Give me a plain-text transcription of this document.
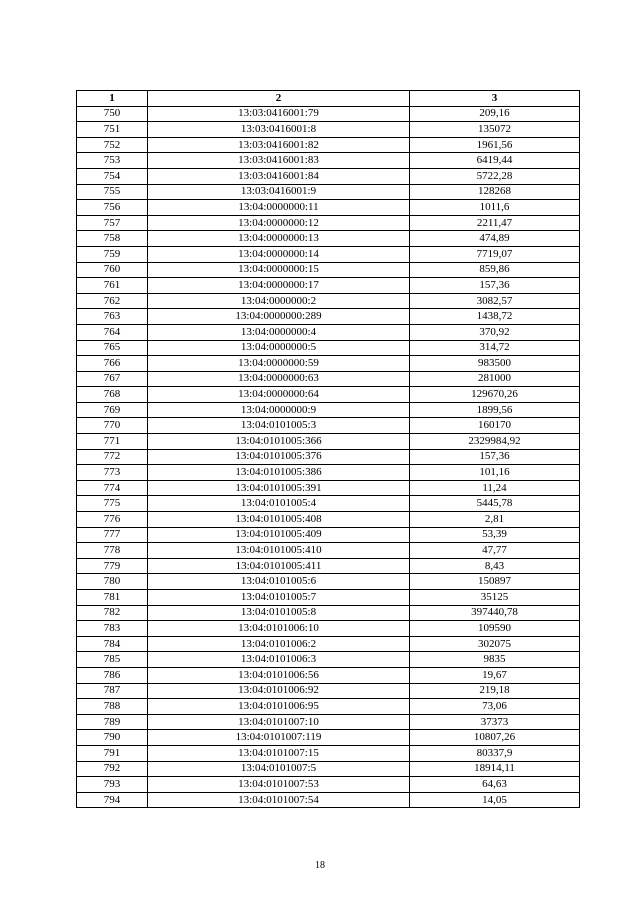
1	2	3
750	13:03:0416001:79	209,16
751	13:03:0416001:8	135072
752	13:03:0416001:82	1961,56
753	13:03:0416001:83	6419,44
754	13:03:0416001:84	5722,28
755	13:03:0416001:9	128268
756	13:04:0000000:11	1011,6
757	13:04:0000000:12	2211,47
758	13:04:0000000:13	474,89
759	13:04:0000000:14	7719,07
760	13:04:0000000:15	859,86
761	13:04:0000000:17	157,36
762	13:04:0000000:2	3082,57
763	13:04:0000000:289	1438,72
764	13:04:0000000:4	370,92
765	13:04:0000000:5	314,72
766	13:04:0000000:59	983500
767	13:04:0000000:63	281000
768	13:04:0000000:64	129670,26
769	13:04:0000000:9	1899,56
770	13:04:0101005:3	160170
771	13:04:0101005:366	2329984,92
772	13:04:0101005:376	157,36
773	13:04:0101005:386	101,16
774	13:04:0101005:391	11,24
775	13:04:0101005:4	5445,78
776	13:04:0101005:408	2,81
777	13:04:0101005:409	53,39
778	13:04:0101005:410	47,77
779	13:04:0101005:411	8,43
780	13:04:0101005:6	150897
781	13:04:0101005:7	35125
782	13:04:0101005:8	397440,78
783	13:04:0101006:10	109590
784	13:04:0101006:2	302075
785	13:04:0101006:3	9835
786	13:04:0101006:56	19,67
787	13:04:0101006:92	219,18
788	13:04:0101006:95	73,06
789	13:04:0101007:10	37373
790	13:04:0101007:119	10807,26
791	13:04:0101007:15	80337,9
792	13:04:0101007:5	18914,11
793	13:04:0101007:53	64,63
794	13:04:0101007:54	14,05
18
